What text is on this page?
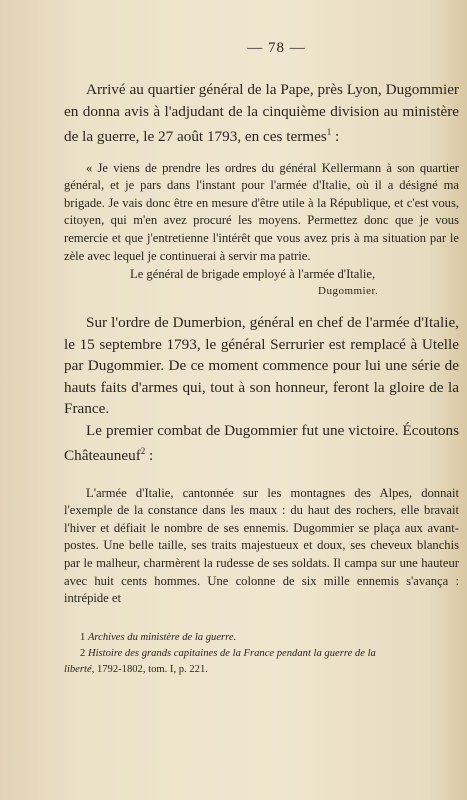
— 78 —

Arrivé au quartier général de la Pape, près Lyon, Dugommier en donna avis à l'adjudant de la cinquième division au ministère de la guerre, le 27 août 1793, en ces termes$^1$ :

« Je viens de prendre les ordres du général Kellermann à son quartier général, et je pars dans l'instant pour l'armée d'Italie, où il a désigné ma brigade. Je vais donc être en mesure d'être utile à la République, et c'est vous, citoyen, qui m'en avez procuré les moyens. Permettez donc que je vous remercie et que j'entretienne l'intérêt que vous avez pris à ma situation par le zèle avec lequel je continuerai à servir ma patrie.

Le général de brigade employé à l'armée d'Italie,
Dugommier.

Sur l'ordre de Dumerbion, général en chef de l'armée d'Italie, le 15 septembre 1793, le général Serrurier est remplacé à Utelle par Dugommier. De ce moment commence pour lui une série de hauts faits d'armes qui, tout à son honneur, feront la gloire de la France.

Le premier combat de Dugommier fut une victoire. Écoutons Châteauneuf$^2$ :

L'armée d'Italie, cantonnée sur les montagnes des Alpes, donnait l'exemple de la constance dans les maux : du haut des rochers, elle bravait l'hiver et défiait le nombre de ses ennemis. Dugommier se plaça aux avant-postes. Une belle taille, ses traits majestueux et doux, ses cheveux blanchis par le malheur, charmèrent la rudesse de ses soldats. Il campa sur une hauteur avec huit cents hommes. Une colonne de six mille ennemis s'avança : intrépide et

1 Archives du ministère de la guerre.

2 Histoire des grands capitaines de la France pendant la guerre de la

liberté, 1792-1802, tom. I, p. 221.
